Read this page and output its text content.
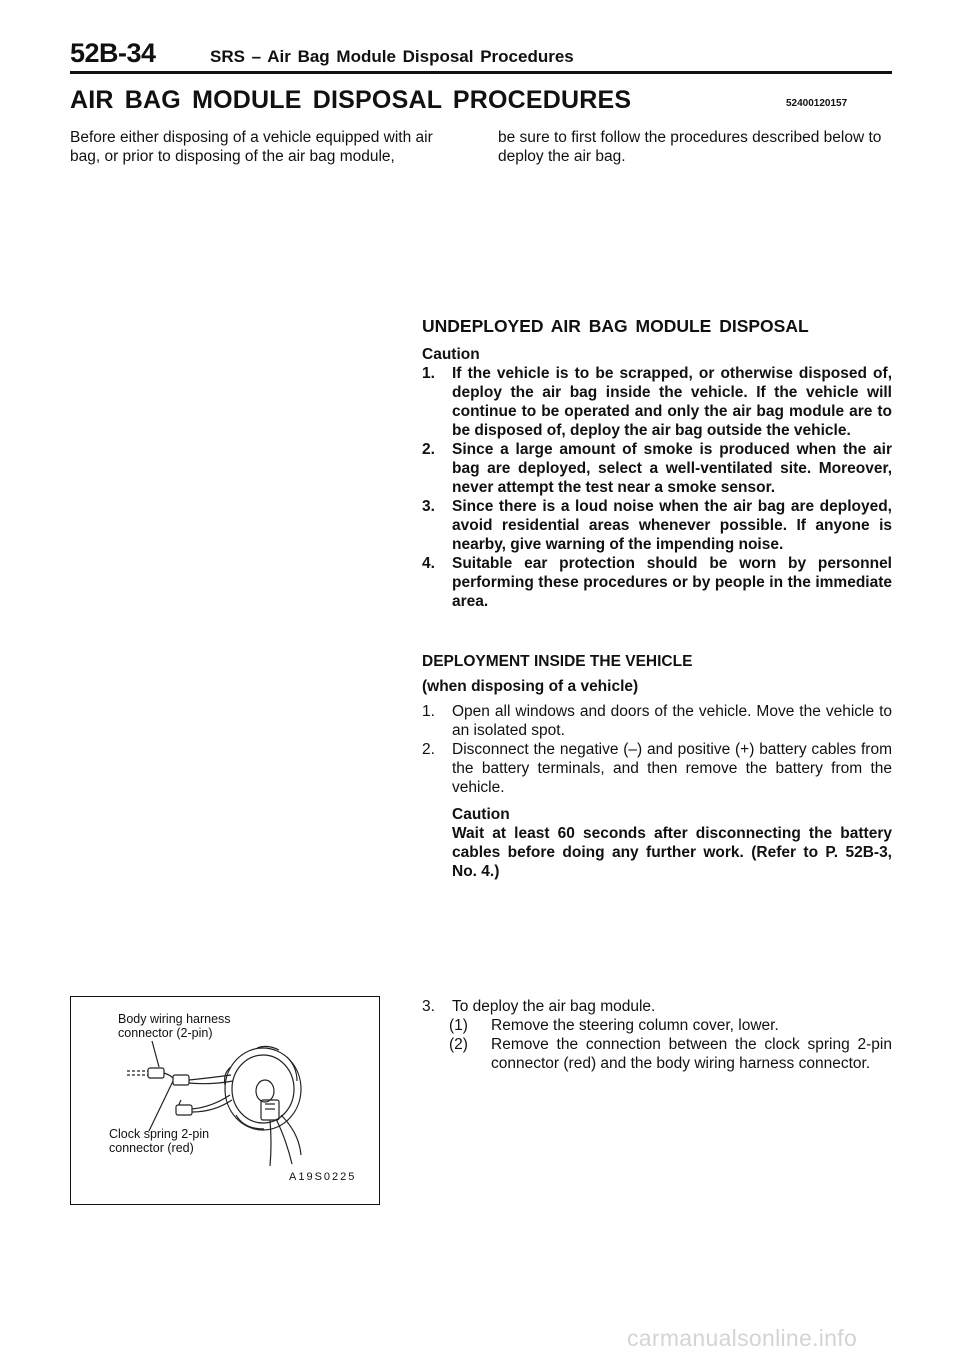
52B-34	SRS – Air Bag Module Disposal Procedures
AIR BAG MODULE DISPOSAL PROCEDURES	52400120157
Before either disposing of a vehicle equipped with air bag, or prior to disposing of the air bag module,
be sure to first follow the procedures described below to deploy the air bag.
UNDEPLOYED AIR BAG MODULE DISPOSAL
Caution
1. If the vehicle is to be scrapped, or otherwise disposed of, deploy the air bag inside the vehicle. If the vehicle will continue to be operated and only the air bag module are to be disposed of, deploy the air bag outside the vehicle.
2. Since a large amount of smoke is produced when the air bag are deployed, select a well-ventilated site. Moreover, never attempt the test near a smoke sensor.
3. Since there is a loud noise when the air bag are deployed, avoid residential areas whenever possible. If anyone is nearby, give warning of the impending noise.
4. Suitable ear protection should be worn by personnel performing these procedures or by people in the immediate area.
DEPLOYMENT INSIDE THE VEHICLE
(when disposing of a vehicle)
1. Open all windows and doors of the vehicle. Move the vehicle to an isolated spot.
2. Disconnect the negative (–) and positive (+) battery cables from the battery terminals, and then remove the battery from the vehicle.
Caution
Wait at least 60 seconds after disconnecting the battery cables before doing any further work. (Refer to P. 52B-3, No. 4.)
Body wiring harness
connector (2-pin)
Clock spring 2-pin
connector (red)
A19S0225
3. To deploy the air bag module.
(1) Remove the steering column cover, lower.
(2) Remove the connection between the clock spring 2-pin connector (red) and the body wiring harness connector.
carmanualsonline.info
